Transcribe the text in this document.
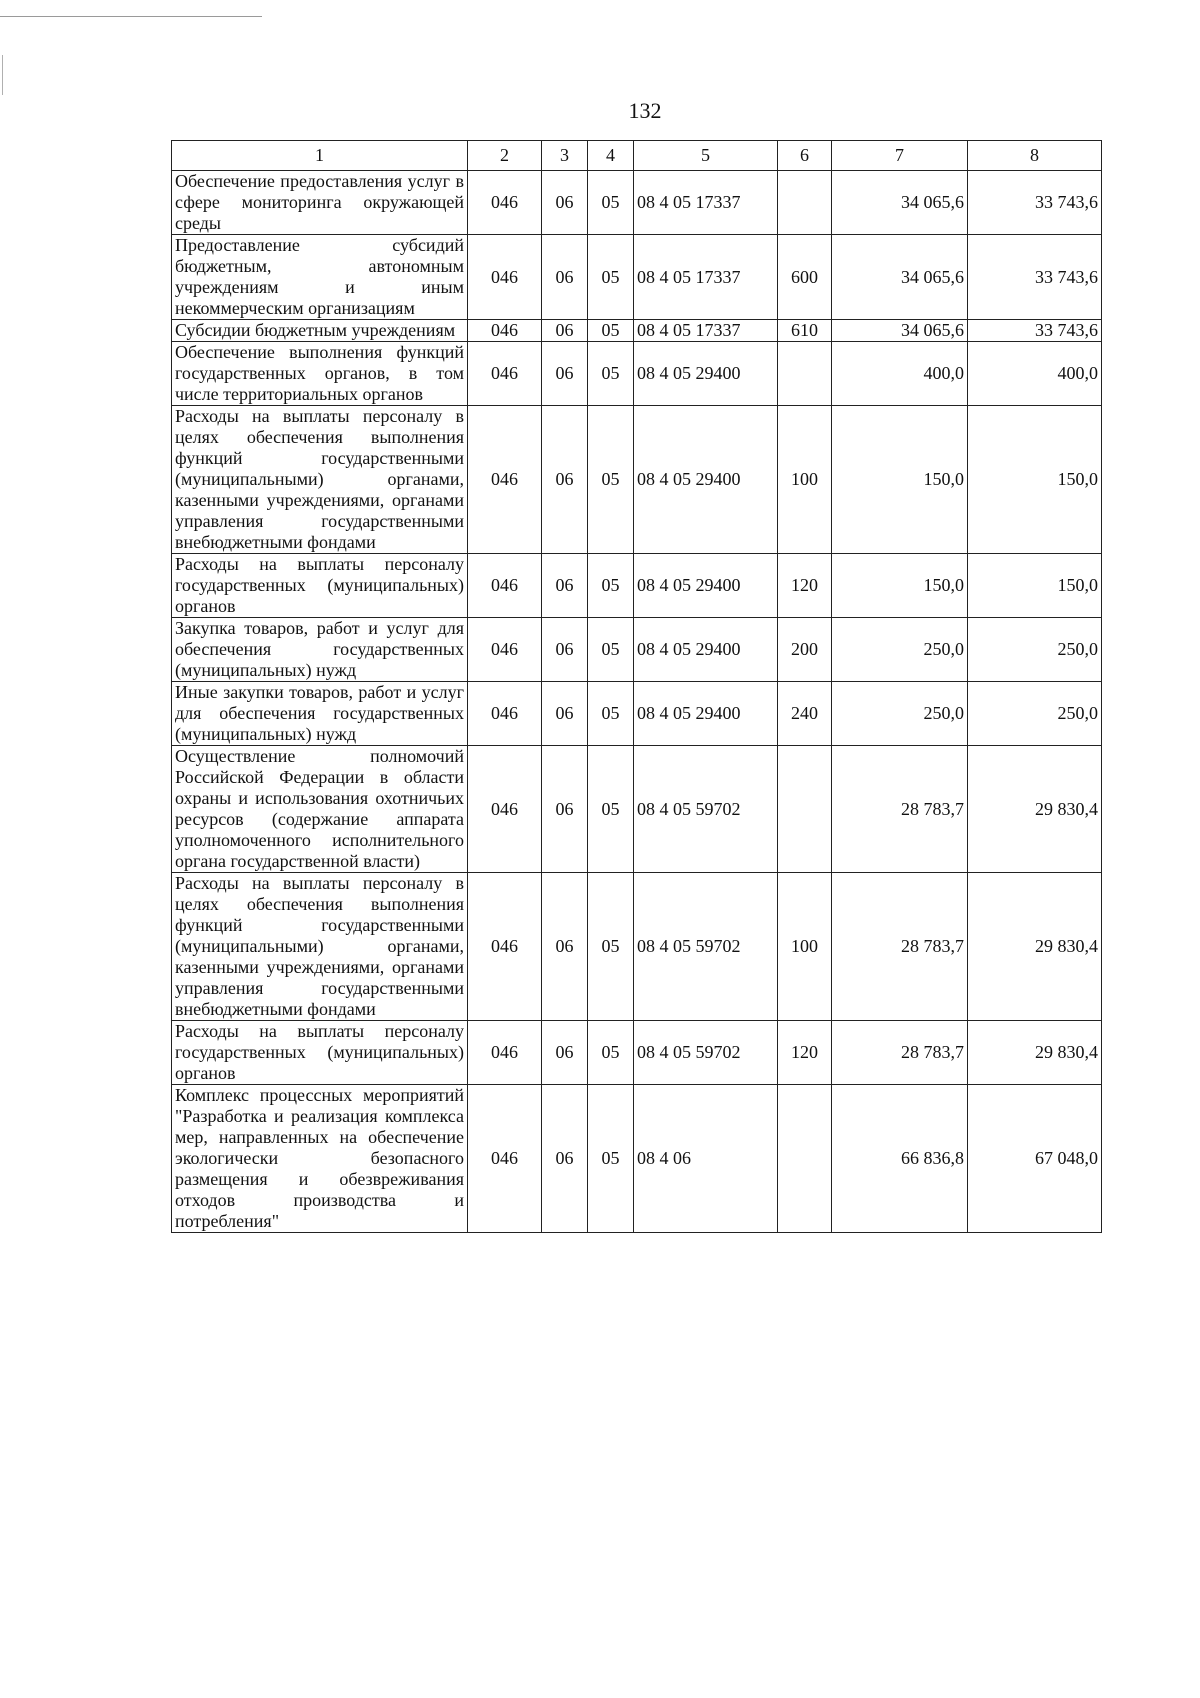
132
1	2	3	4	5	6	7	8
Обеспечение предоставления услуг в сфере мониторинга окружающей среды	046	06	05	08 4 05 17337		34 065,6	33 743,6
Предоставление субсидий бюджетным, автономным учреждениям и иным некоммерческим организациям	046	06	05	08 4 05 17337	600	34 065,6	33 743,6
Субсидии бюджетным учреждениям	046	06	05	08 4 05 17337	610	34 065,6	33 743,6
Обеспечение выполнения функций государственных органов, в том числе территориальных органов	046	06	05	08 4 05 29400		400,0	400,0
Расходы на выплаты персоналу в целях обеспечения выполнения функций государственными (муниципальными) органами, казенными учреждениями, органами управления государственными внебюджетными фондами	046	06	05	08 4 05 29400	100	150,0	150,0
Расходы на выплаты персоналу государственных (муниципальных) органов	046	06	05	08 4 05 29400	120	150,0	150,0
Закупка товаров, работ и услуг для обеспечения государственных (муниципальных) нужд	046	06	05	08 4 05 29400	200	250,0	250,0
Иные закупки товаров, работ и услуг для обеспечения государственных (муниципальных) нужд	046	06	05	08 4 05 29400	240	250,0	250,0
Осуществление полномочий Российской Федерации в области охраны и использования охотничьих ресурсов (содержание аппарата уполномоченного исполнительного органа государственной власти)	046	06	05	08 4 05 59702		28 783,7	29 830,4
Расходы на выплаты персоналу в целях обеспечения выполнения функций государственными (муниципальными) органами, казенными учреждениями, органами управления государственными внебюджетными фондами	046	06	05	08 4 05 59702	100	28 783,7	29 830,4
Расходы на выплаты персоналу государственных (муниципальных) органов	046	06	05	08 4 05 59702	120	28 783,7	29 830,4
Комплекс процессных мероприятий "Разработка и реализация комплекса мер, направленных на обеспечение экологически безопасного размещения и обезвреживания отходов производства и потребления"	046	06	05	08 4 06		66 836,8	67 048,0
